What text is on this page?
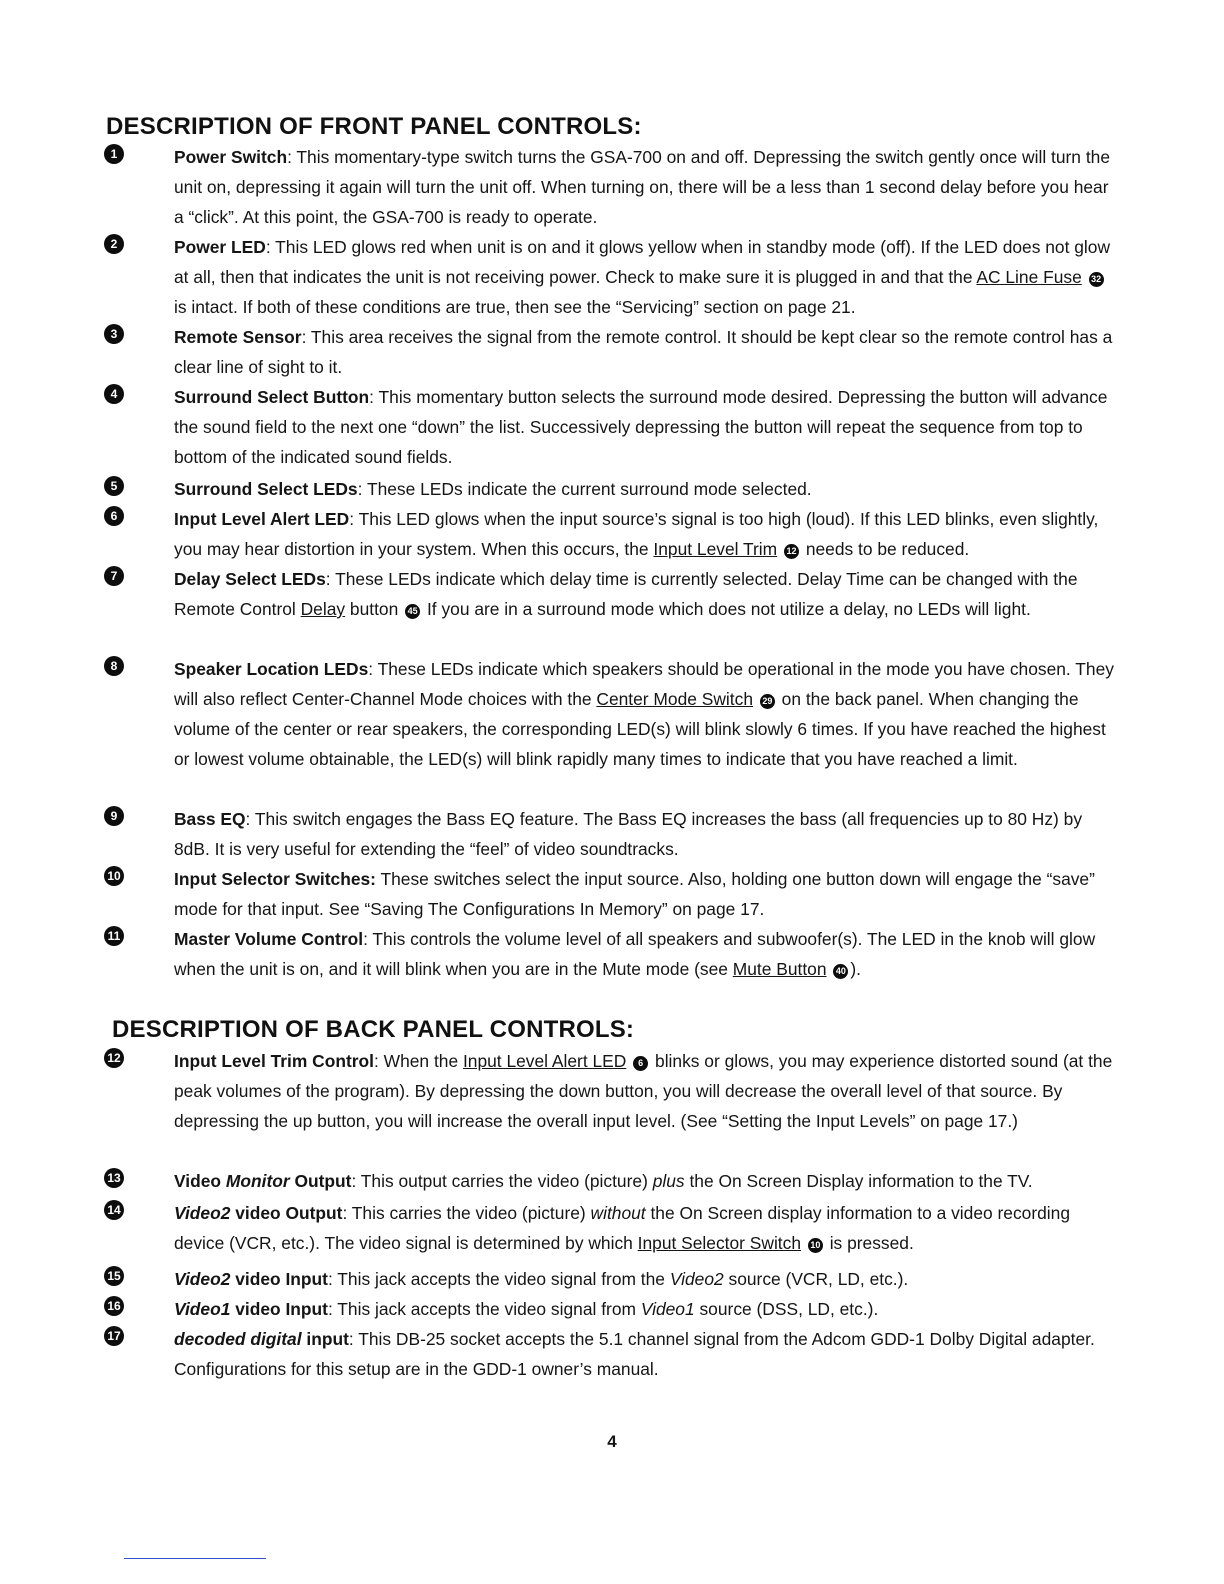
DESCRIPTION OF FRONT PANEL CONTROLS:
1	Power Switch: This momentary-type switch turns the GSA-700 on and off. Depressing the switch gently once will turn the unit on, depressing it again will turn the unit off. When turning on, there will be a less than 1 second delay before you hear a “click”. At this point, the GSA-700 is ready to operate.
2	Power LED: This LED glows red when unit is on and it glows yellow when in standby mode (off). If the LED does not glow at all, then that indicates the unit is not receiving power. Check to make sure it is plugged in and that the AC Line Fuse 32 is intact. If both of these conditions are true, then see the “Servicing” section on page 21.
3	Remote Sensor: This area receives the signal from the remote control. It should be kept clear so the remote control has a clear line of sight to it.
4	Surround Select Button: This momentary button selects the surround mode desired. Depressing the button will advance the sound field to the next one “down” the list. Successively depressing the button will repeat the sequence from top to bottom of the indicated sound fields.
5	Surround Select LEDs: These LEDs indicate the current surround mode selected.
6	Input Level Alert LED: This LED glows when the input source’s signal is too high (loud). If this LED blinks, even slightly, you may hear distortion in your system. When this occurs, the Input Level Trim 12 needs to be reduced.
7	Delay Select LEDs: These LEDs indicate which delay time is currently selected. Delay Time can be changed with the Remote Control Delay button 45 If you are in a surround mode which does not utilize a delay, no LEDs will light.
8	Speaker Location LEDs: These LEDs indicate which speakers should be operational in the mode you have chosen. They will also reflect Center-Channel Mode choices with the Center Mode Switch 29 on the back panel. When changing the volume of the center or rear speakers, the corresponding LED(s) will blink slowly 6 times. If you have reached the highest or lowest volume obtainable, the LED(s) will blink rapidly many times to indicate that you have reached a limit.
9	Bass EQ: This switch engages the Bass EQ feature. The Bass EQ increases the bass (all frequencies up to 80 Hz) by 8dB. It is very useful for extending the “feel” of video soundtracks.
10	Input Selector Switches: These switches select the input source. Also, holding one button down will engage the “save” mode for that input. See “Saving The Configurations In Memory” on page 17.
11	Master Volume Control: This controls the volume level of all speakers and subwoofer(s). The LED in the knob will glow when the unit is on, and it will blink when you are in the Mute mode (see Mute Button 40 ).
DESCRIPTION OF BACK PANEL CONTROLS:
12	Input Level Trim Control: When the Input Level Alert LED 6 blinks or glows, you may experience distorted sound (at the peak volumes of the program). By depressing the down button, you will decrease the overall level of that source. By depressing the up button, you will increase the overall input level. (See “Setting the Input Levels” on page 17.)
13	Video Monitor Output: This output carries the video (picture) plus the On Screen Display information to the TV.
14	Video2 video Output: This carries the video (picture) without the On Screen display information to a video recording device (VCR, etc.). The video signal is determined by which Input Selector Switch 10 is pressed.
15	Video2 video Input: This jack accepts the video signal from the Video2 source (VCR, LD, etc.).
16	Video1 video Input: This jack accepts the video signal from Video1 source (DSS, LD, etc.).
17	decoded digital input: This DB-25 socket accepts the 5.1 channel signal from the Adcom GDD-1 Dolby Digital adapter. Configurations for this setup are in the GDD-1 owner’s manual.
4
